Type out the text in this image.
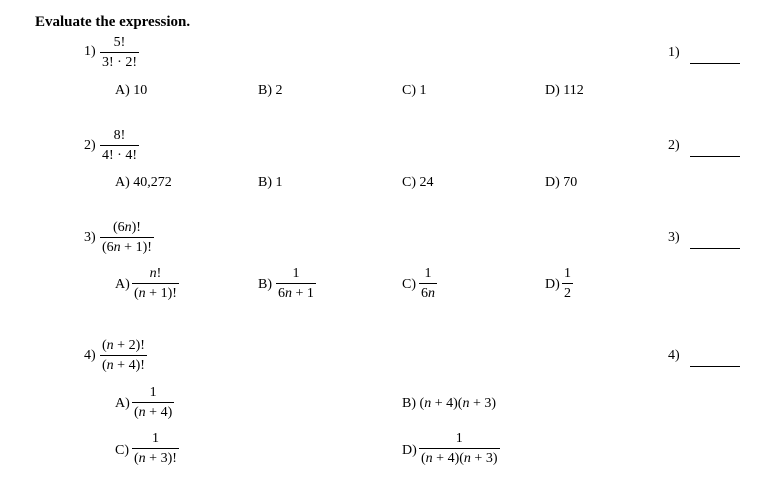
Evaluate the expression.
$1) \frac{5!}{3! \cdot 2!}$
A) 10	B) 2	C) 1	D) 112
$2) \frac{8!}{4! \cdot 4!}$
A) 40,272	B) 1	C) 24	D) 70
$3) \frac{(6n)!}{(6n + 1)!}$
$A) \frac{n!}{(n + 1)!}$	$B) \frac{1}{6n + 1}$	$C) \frac{1}{6n}$	$D) \frac{1}{2}$
$4) \frac{(n + 2)!}{(n + 4)!}$
$A) \frac{1}{(n + 4)}$	B) (n + 4)(n + 3)
$C) \frac{1}{(n + 3)!}$	$D) \frac{1}{(n + 4)(n + 3)}$
1)
2)
3)
4)
